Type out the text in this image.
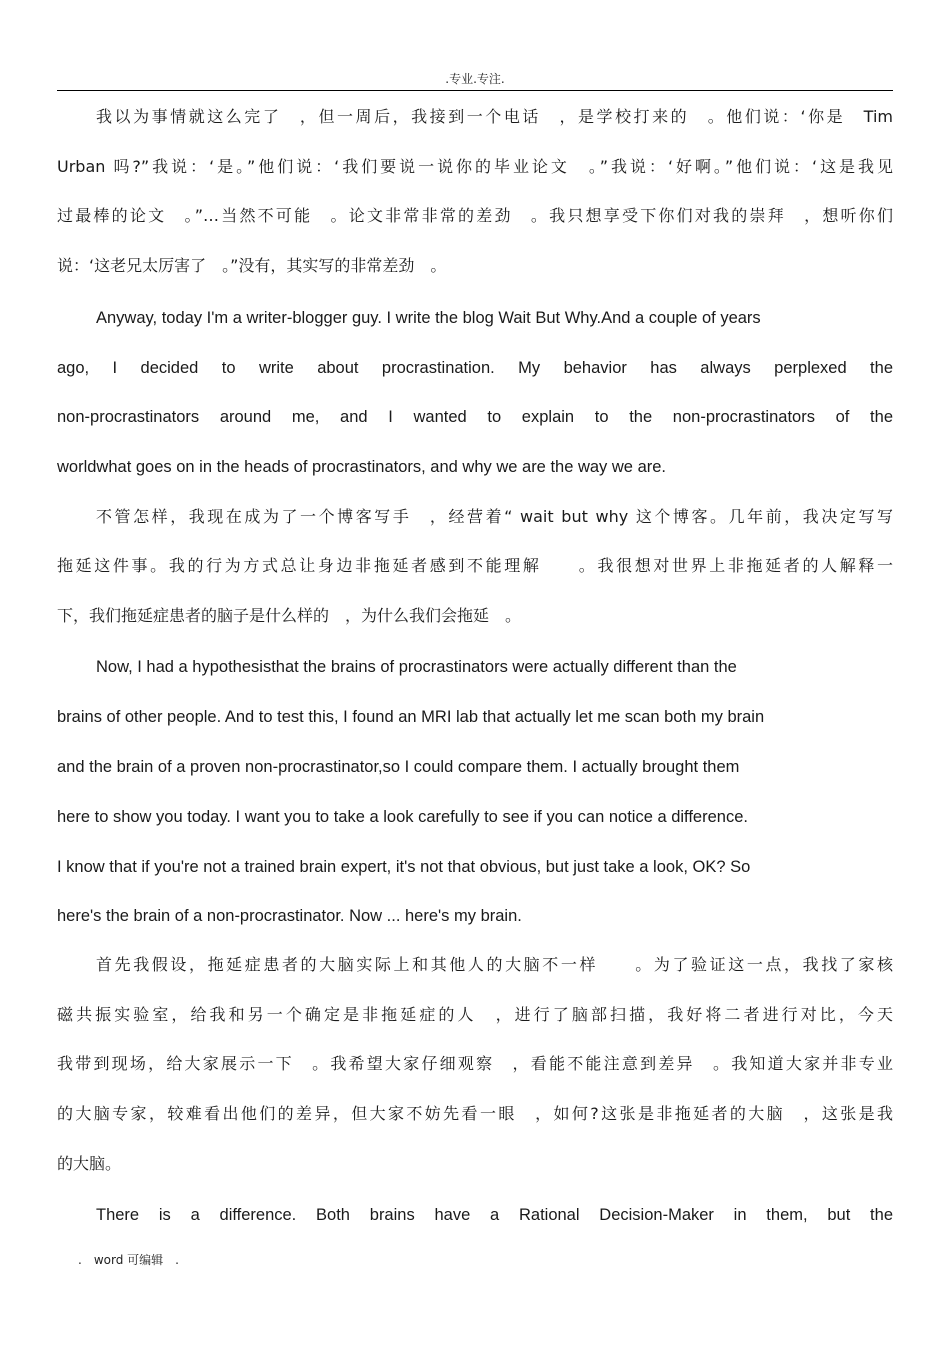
.专业.专注.
我以为事情就这么完了　，但一周后，我接到一个电话　，是学校打来的　。他们说：‘你是　Tim
Urban 吗?”我说：‘是。”他们说：‘我们要说一说你的毕业论文　。”我说：‘好啊。”他们说：‘这是我见
过最棒的论文　。”…当然不可能　。论文非常非常的差劲　。我只想享受下你们对我的崇拜　，想听你们
说：‘这老兄太厉害了　。”没有，其实写的非常差劲　。
Anyway, today I'm a writer-blogger guy. I write the blog Wait But Why.And a couple of years
ago, I decided to write about procrastination. My behavior has always perplexed the
non-procrastinators around me, and I wanted to explain to the non-procrastinators of the
worldwhat goes on in the heads of procrastinators, and why we are the way we are.
不管怎样，我现在成为了一个博客写手　，经营着“ wait but why 这个博客。几年前，我决定写写
拖延这件事。我的行为方式总让身边非拖延者感到不能理解　　。我很想对世界上非拖延者的人解释一
下，我们拖延症患者的脑子是什么样的　，为什么我们会拖延　。
Now, I had a hypothesisthat the brains of procrastinators were actually different than the
brains of other people. And to test this, I found an MRI lab that actually let me scan both my brain
and the brain of a proven non-procrastinator,so I could compare them. I actually brought them
here to show you today. I want you to take a look carefully to see if you can notice a difference.
I know that if you're not a trained brain expert, it's not that obvious, but just take a look, OK? So
here's the brain of a non-procrastinator. Now ... here's my brain.
首先我假设，拖延症患者的大脑实际上和其他人的大脑不一样　　。为了验证这一点，我找了家核
磁共振实验室，给我和另一个确定是非拖延症的人　，进行了脑部扫描，我好将二者进行对比，今天
我带到现场，给大家展示一下　。我希望大家仔细观察　，看能不能注意到差异　。我知道大家并非专业
的大脑专家，较难看出他们的差异，但大家不妨先看一眼　，如何?这张是非拖延者的大脑　，这张是我
的大脑。
There is a difference. Both brains have a Rational Decision-Maker in them, but the
.　word 可编辑　.
